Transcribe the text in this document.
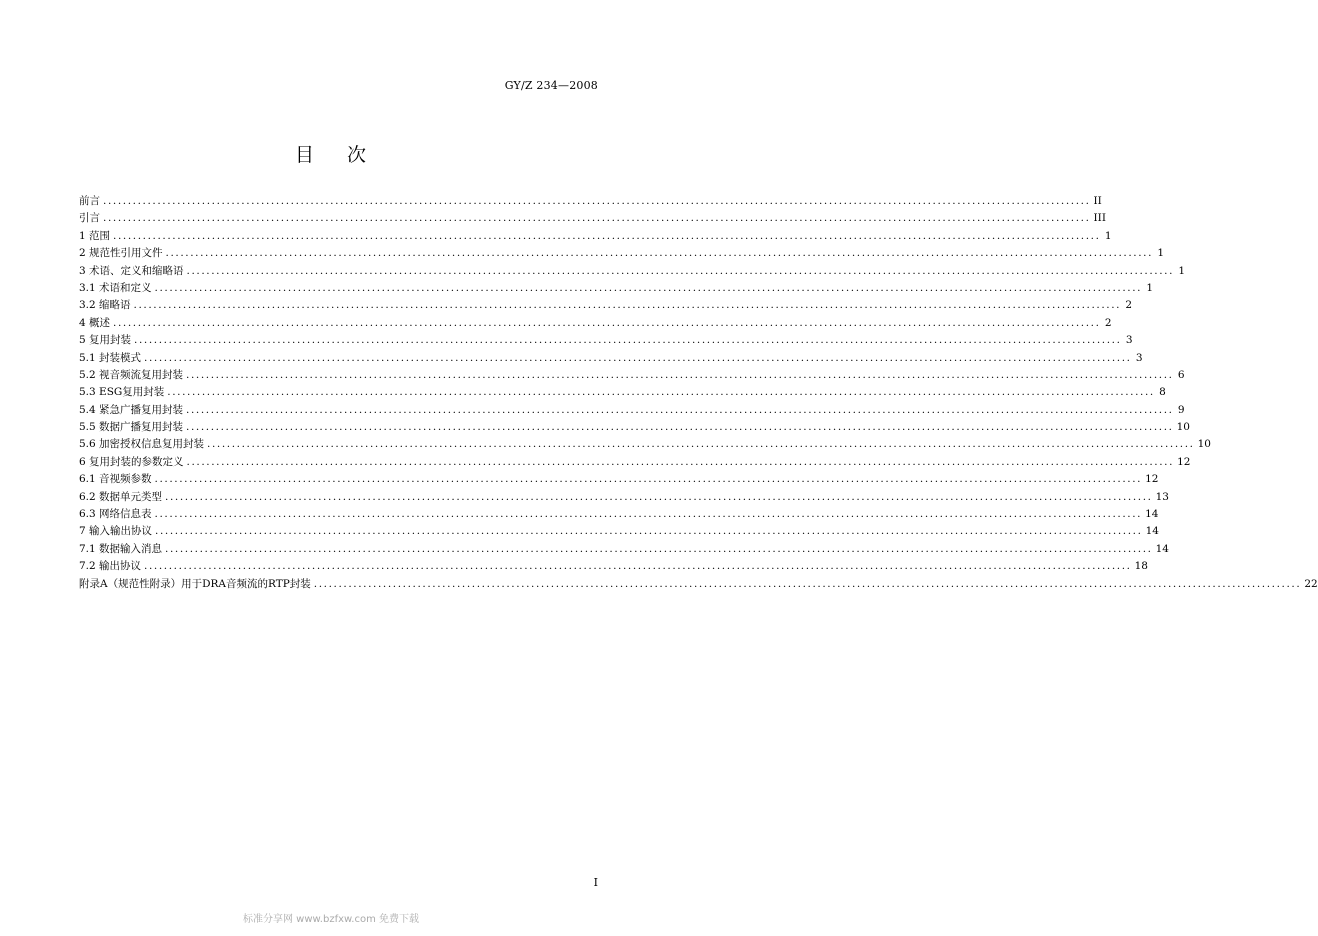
GY/Z 234—2008
目 次
前言 ........................................................................................................................................................................................................ II
引言 ........................................................................................................................................................................................................ III
1 范围 ........................................................................................................................................................................................................ 1
2 规范性引用文件 ........................................................................................................................................................................................................ 1
3 术语、定义和缩略语 ........................................................................................................................................................................................................ 1
3.1 术语和定义 ........................................................................................................................................................................................................ 1
3.2 缩略语 ........................................................................................................................................................................................................ 2
4 概述 ........................................................................................................................................................................................................ 2
5 复用封装 ........................................................................................................................................................................................................ 3
5.1 封装模式 ........................................................................................................................................................................................................ 3
5.2 视音频流复用封装 ........................................................................................................................................................................................................ 6
5.3 ESG复用封装 ........................................................................................................................................................................................................ 8
5.4 紧急广播复用封装 ........................................................................................................................................................................................................ 9
5.5 数据广播复用封装 ........................................................................................................................................................................................................ 10
5.6 加密授权信息复用封装 ........................................................................................................................................................................................................ 10
6 复用封装的参数定义 ........................................................................................................................................................................................................ 12
6.1 音视频参数 ........................................................................................................................................................................................................ 12
6.2 数据单元类型 ........................................................................................................................................................................................................ 13
6.3 网络信息表 ........................................................................................................................................................................................................ 14
7 输入输出协议 ........................................................................................................................................................................................................ 14
7.1 数据输入消息 ........................................................................................................................................................................................................ 14
7.2 输出协议 ........................................................................................................................................................................................................ 18
附录A（规范性附录）用于DRA音频流的RTP封装 ........................................................................................................................................................................................................ 22
I
标准分享网 www.bzfxw.com 免费下载
